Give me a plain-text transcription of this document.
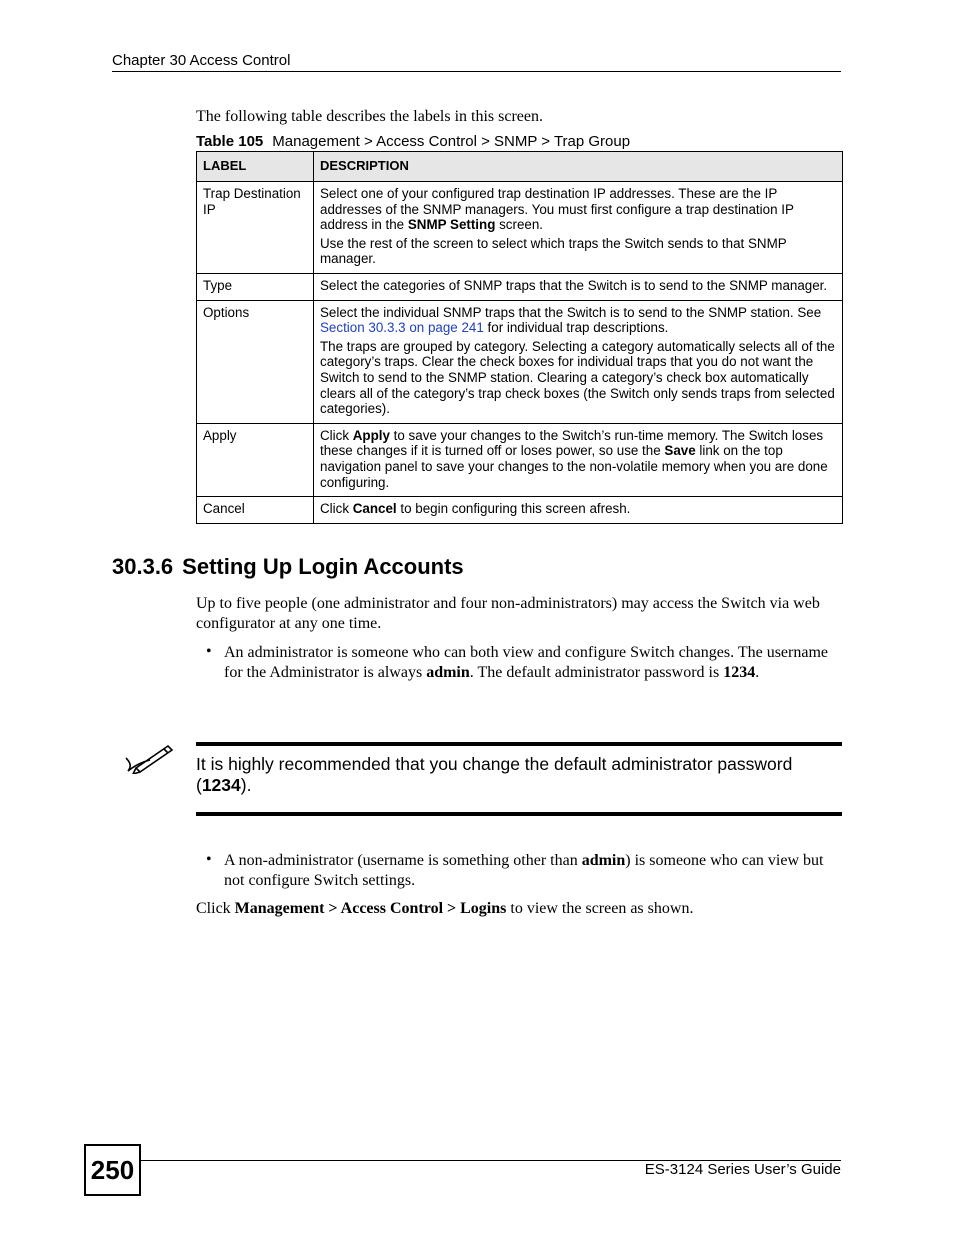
Chapter 30 Access Control
The following table describes the labels in this screen.
Table 105 Management > Access Control > SNMP > Trap Group
LABEL	DESCRIPTION
Trap Destination IP	Select one of your configured trap destination IP addresses. These are the IP addresses of the SNMP managers. You must first configure a trap destination IP address in the SNMP Setting screen.

Use the rest of the screen to select which traps the Switch sends to that SNMP manager.

Type	Select the categories of SNMP traps that the Switch is to send to the SNMP manager.

Options	Select the individual SNMP traps that the Switch is to send to the SNMP station. See Section 30.3.3 on page 241 for individual trap descriptions.

The traps are grouped by category. Selecting a category automatically selects all of the category’s traps. Clear the check boxes for individual traps that you do not want the Switch to send to the SNMP station. Clearing a category’s check box automatically clears all of the category’s trap check boxes (the Switch only sends traps from selected categories).

Apply	Click Apply to save your changes to the Switch’s run-time memory. The Switch loses these changes if it is turned off or loses power, so use the Save link on the top navigation panel to save your changes to the non-volatile memory when you are done configuring.

Cancel	Click Cancel to begin configuring this screen afresh.

30.3.6 Setting Up Login Accounts
Up to five people (one administrator and four non-administrators) may access the Switch via web configurator at any one time.
• An administrator is someone who can both view and configure Switch changes. The username for the Administrator is always admin. The default administrator password is 1234.
It is highly recommended that you change the default administrator password (1234).
• A non-administrator (username is something other than admin) is someone who can view but not configure Switch settings.
Click Management > Access Control > Logins to view the screen as shown.
250	ES-3124 Series User’s Guide
